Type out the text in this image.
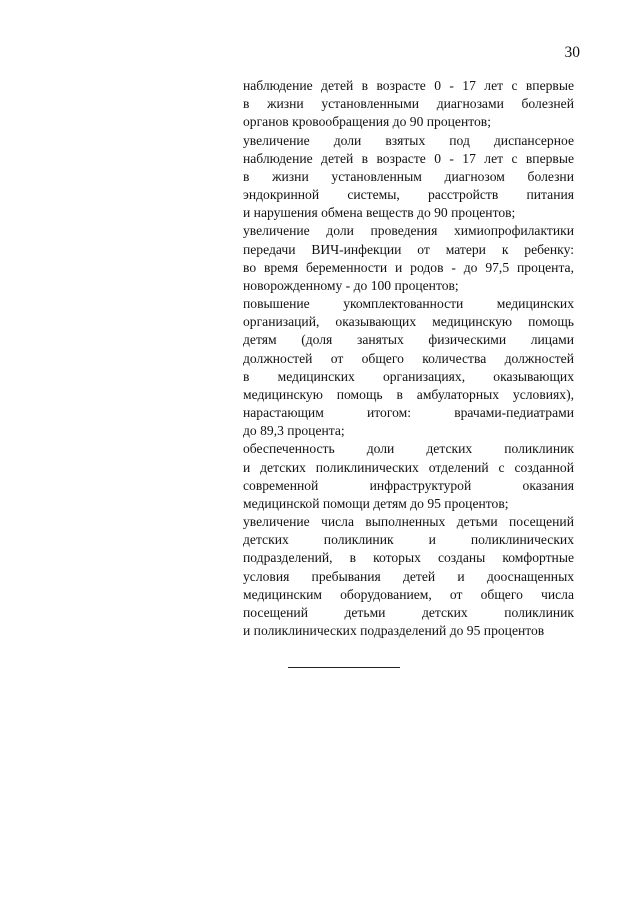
30
наблюдение детей в возрасте 0 - 17 лет с впервые
в жизни установленными диагнозами болезней
органов кровообращения до 90 процентов;
увеличение доли взятых под диспансерное
наблюдение детей в возрасте 0 - 17 лет с впервые
в жизни установленным диагнозом болезни
эндокринной системы, расстройств питания
и нарушения обмена веществ до 90 процентов;
увеличение доли проведения химиопрофилактики
передачи ВИЧ-инфекции от матери к ребенку:
во время беременности и родов - до 97,5 процента,
новорожденному - до 100 процентов;
повышение укомплектованности медицинских
организаций, оказывающих медицинскую помощь
детям (доля занятых физическими лицами
должностей от общего количества должностей
в медицинских организациях, оказывающих
медицинскую помощь в амбулаторных условиях),
нарастающим итогом: врачами-педиатрами
до 89,3 процента;
обеспеченность доли детских поликлиник
и детских поликлинических отделений с созданной
современной инфраструктурой оказания
медицинской помощи детям до 95 процентов;
увеличение числа выполненных детьми посещений
детских поликлиник и поликлинических
подразделений, в которых созданы комфортные
условия пребывания детей и дооснащенных
медицинским оборудованием, от общего числа
посещений детьми детских поликлиник
и поликлинических подразделений до 95 процентов
